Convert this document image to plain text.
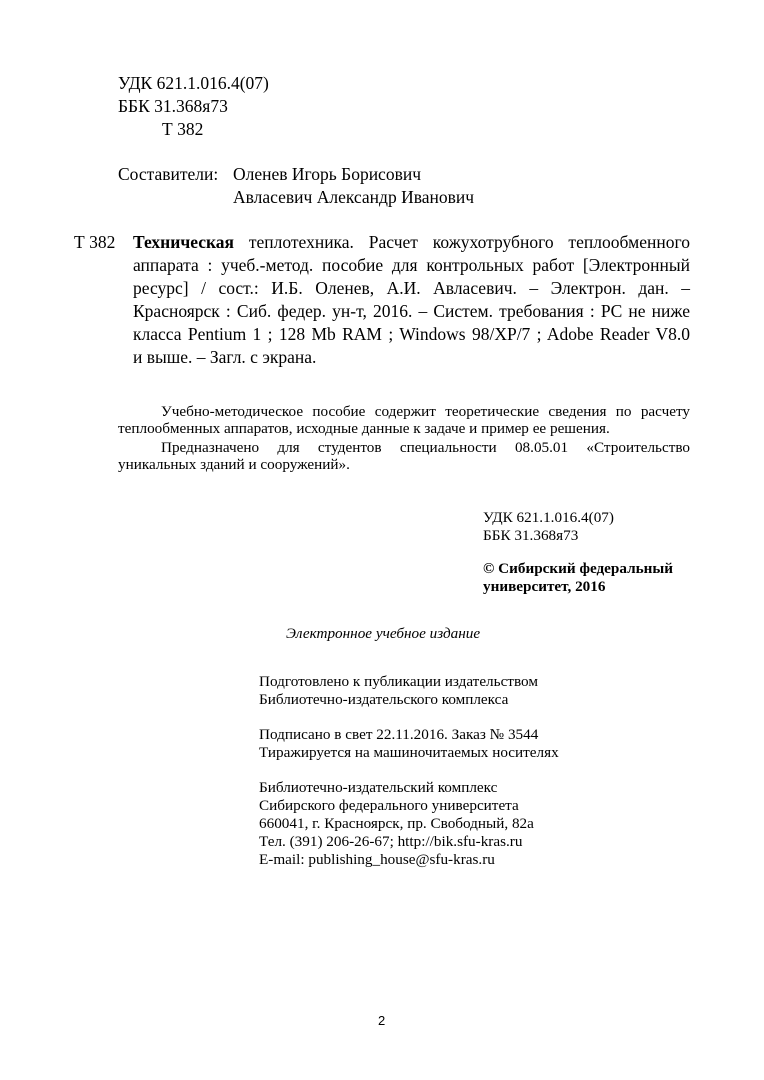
УДК 621.1.016.4(07)
ББК 31.368я73
Т 382
Составители: Оленев Игорь Борисович
Авласевич Александр Иванович
Т 382 Техническая теплотехника. Расчет кожухотрубного теплообменного
аппарата : учеб.-метод. пособие для контрольных работ [Электронный
ресурс] / сост.: И.Б. Оленев, А.И. Авласевич. – Электрон. дан. –
Красноярск : Сиб. федер. ун-т, 2016. – Систем. требования : PC не ниже
класса Pentium 1 ; 128 Mb RAM ; Windows 98/XP/7 ; Adobe Reader V8.0
и выше. – Загл. с экрана.
Учебно-методическое пособие содержит теоретические сведения по расчету
теплообменных аппаратов, исходные данные к задаче и пример ее решения.
Предназначено для студентов специальности 08.05.01 «Строительство
уникальных зданий и сооружений».
УДК 621.1.016.4(07)
ББК 31.368я73
© Сибирский федеральный
университет, 2016
Электронное учебное издание
Подготовлено к публикации издательством
Библиотечно-издательского комплекса
Подписано в свет 22.11.2016. Заказ № 3544
Тиражируется на машиночитаемых носителях
Библиотечно-издательский комплекс
Сибирского федерального университета
660041, г. Красноярск, пр. Свободный, 82а
Тел. (391) 206-26-67; http://bik.sfu-kras.ru
E-mail: publishing_house@sfu-kras.ru
2
